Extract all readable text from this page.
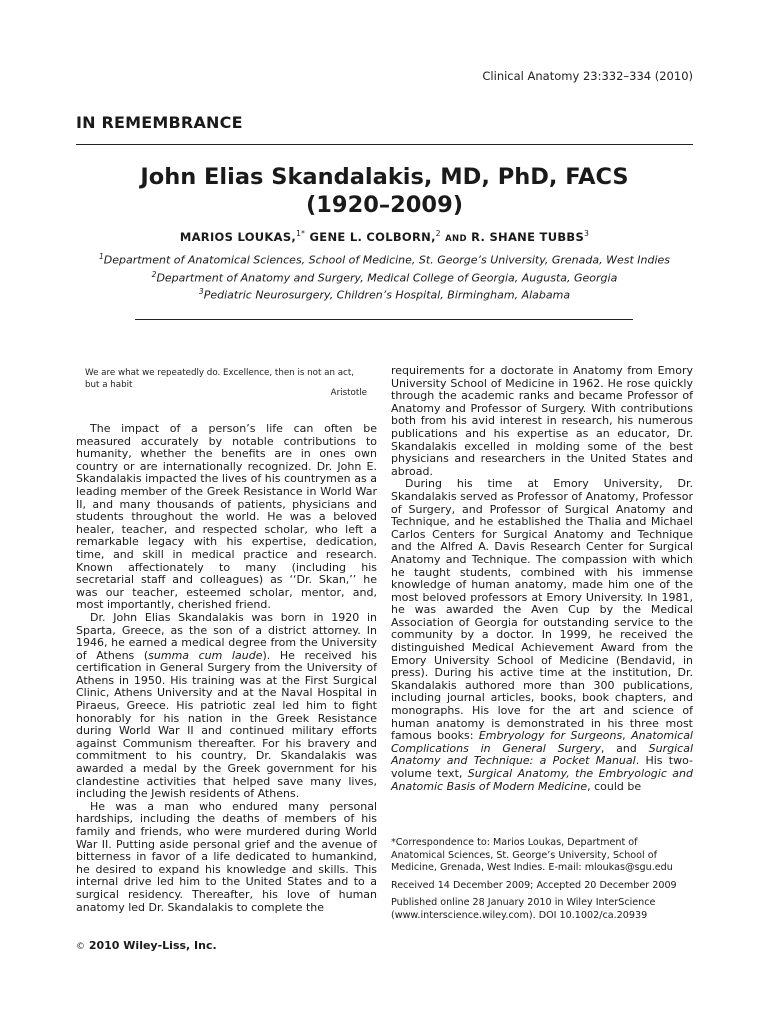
Clinical Anatomy 23:332–334 (2010)
IN REMEMBRANCE
John Elias Skandalakis, MD, PhD, FACS
(1920–2009)
MARIOS LOUKAS,$^{1*}$ GENE L. COLBORN,$^2$ AND R. SHANE TUBBS$^3$
$^1$Department of Anatomical Sciences, School of Medicine, St. George’s University, Grenada, West Indies
$^2$Department of Anatomy and Surgery, Medical College of Georgia, Augusta, Georgia
$^3$Pediatric Neurosurgery, Children’s Hospital, Birmingham, Alabama
We are what we repeatedly do. Excellence, then is not an act, but a habit
Aristotle

The impact of a person’s life can often be measured accurately by notable contributions to humanity, whether the benefits are in ones own country or are internationally recognized. Dr. John E. Skandalakis impacted the lives of his countrymen as a leading member of the Greek Resistance in World War II, and many thousands of patients, physicians and students throughout the world. He was a beloved healer, teacher, and respected scholar, who left a remarkable legacy with his expertise, dedication, time, and skill in medical practice and research. Known affectionately to many (including his secretarial staff and colleagues) as ‘‘Dr. Skan,’’ he was our teacher, esteemed scholar, mentor, and, most importantly, cherished friend.

Dr. John Elias Skandalakis was born in 1920 in Sparta, Greece, as the son of a district attorney. In 1946, he earned a medical degree from the University of Athens (summa cum laude). He received his certification in General Surgery from the University of Athens in 1950. His training was at the First Surgical Clinic, Athens University and at the Naval Hospital in Piraeus, Greece. His patriotic zeal led him to fight honorably for his nation in the Greek Resistance during World War II and continued military efforts against Communism thereafter. For his bravery and commitment to his country, Dr. Skandalakis was awarded a medal by the Greek government for his clandestine activities that helped save many lives, including the Jewish residents of Athens.

He was a man who endured many personal hardships, including the deaths of members of his family and friends, who were murdered during World War II. Putting aside personal grief and the avenue of bitterness in favor of a life dedicated to humankind, he desired to expand his knowledge and skills. This internal drive led him to the United States and to a surgical residency. Thereafter, his love of human anatomy led Dr. Skandalakis to complete the

requirements for a doctorate in Anatomy from Emory University School of Medicine in 1962. He rose quickly through the academic ranks and became Professor of Anatomy and Professor of Surgery. With contributions both from his avid interest in research, his numerous publications and his expertise as an educator, Dr. Skandalakis excelled in molding some of the best physicians and researchers in the United States and abroad.

During his time at Emory University, Dr. Skandalakis served as Professor of Anatomy, Professor of Surgery, and Professor of Surgical Anatomy and Technique, and he established the Thalia and Michael Carlos Centers for Surgical Anatomy and Technique and the Alfred A. Davis Research Center for Surgical Anatomy and Technique. The compassion with which he taught students, combined with his immense knowledge of human anatomy, made him one of the most beloved professors at Emory University. In 1981, he was awarded the Aven Cup by the Medical Association of Georgia for outstanding service to the community by a doctor. In 1999, he received the distinguished Medical Achievement Award from the Emory University School of Medicine (Bendavid, in press). During his active time at the institution, Dr. Skandalakis authored more than 300 publications, including journal articles, books, book chapters, and monographs. His love for the art and science of human anatomy is demonstrated in his three most famous books: Embryology for Surgeons, Anatomical Complications in General Surgery, and Surgical Anatomy and Technique: a Pocket Manual. His two-volume text, Surgical Anatomy, the Embryologic and Anatomic Basis of Modern Medicine, could be

*Correspondence to: Marios Loukas, Department of Anatomical Sciences, St. George’s University, School of Medicine, Grenada, West Indies. E-mail: mloukas@sgu.edu

Received 14 December 2009; Accepted 20 December 2009

Published online 28 January 2010 in Wiley InterScience (www.interscience.wiley.com). DOI 10.1002/ca.20939

© 2010 Wiley-Liss, Inc.
